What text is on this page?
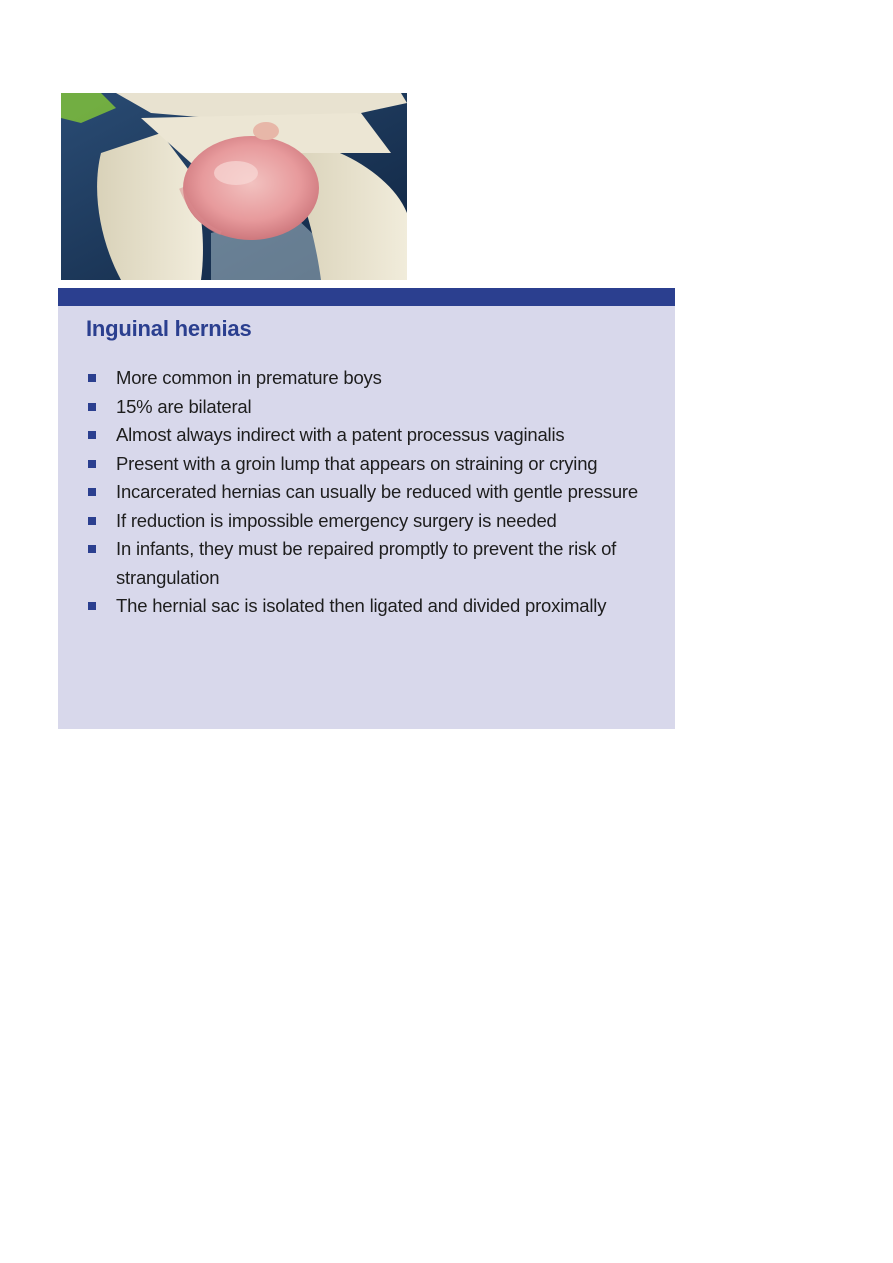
Inguinal hernias
More common in premature boys
15% are bilateral
Almost always indirect with a patent processus vaginalis
Present with a groin lump that appears on straining or crying
Incarcerated hernias can usually be reduced with gentle pressure
If reduction is impossible emergency surgery is needed
In infants, they must be repaired promptly to prevent the risk of strangulation
The hernial sac is isolated then ligated and divided proximally
